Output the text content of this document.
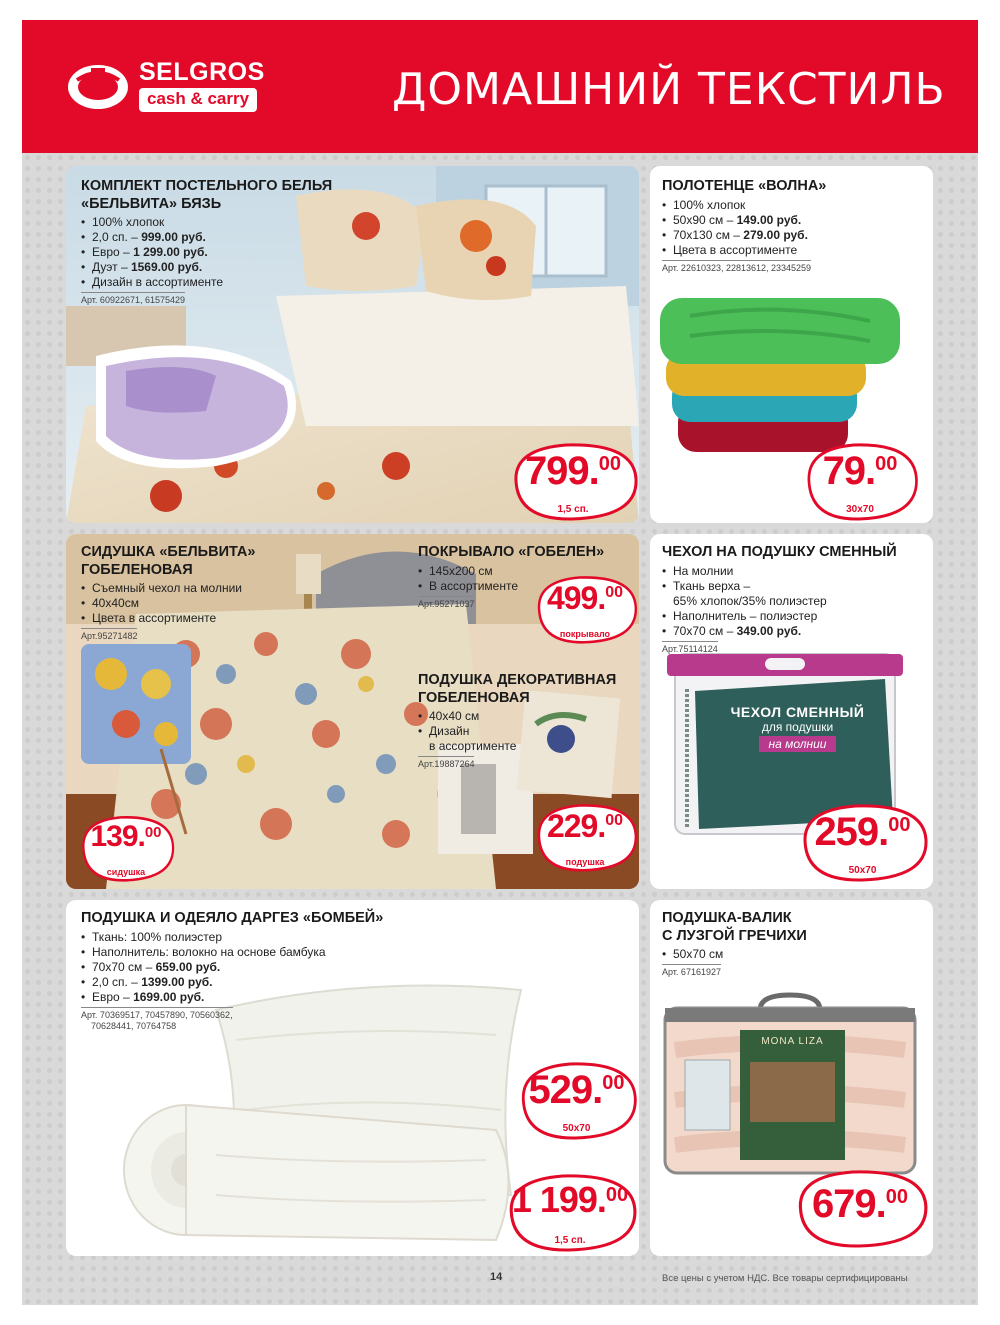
SELGROS
cash & carry	ДОМАШНИЙ ТЕКСТИЛЬ
КОМПЛЕКТ ПОСТЕЛЬНОГО БЕЛЬЯ
«БЕЛЬВИТА» БЯЗЬ
• 100% хлопок
• 2,0 сп. – 999.00 руб.
• Евро – 1 299.00 руб.
• Дуэт – 1569.00 руб.
• Дизайн в ассортименте
Арт. 60922671, 61575429
799.00
1,5 сп.
ПОЛОТЕНЦЕ «ВОЛНА»
• 100% хлопок
• 50x90 см – 149.00 руб.
• 70x130 см – 279.00 руб.
• Цвета в ассортименте
Арт. 22610323, 22813612, 23345259
79.00
30x70
СИДУШКА «БЕЛЬВИТА»
ГОБЕЛЕНОВАЯ
• Съемный чехол на молнии
• 40x40см
• Цвета в ассортименте
Арт.95271482
ПОКРЫВАЛО «ГОБЕЛЕН»
• 145x200 см
• В ассортименте
Арт.95271037
ПОДУШКА ДЕКОРАТИВНАЯ
ГОБЕЛЕНОВАЯ
• 40x40 см
• Дизайн
в ассортименте
Арт.19887264
499.00
покрывало
229.00
подушка
139.00
сидушка
ЧЕХОЛ НА ПОДУШКУ СМЕННЫЙ
• На молнии
• Ткань верха –
65% хлопок/35% полиэстер
• Наполнитель – полиэстер
• 70x70 см – 349.00 руб.
Арт.75114124
ЧЕХОЛ СМЕННЫЙ
для подушки
на молнии
259.00
50x70
ПОДУШКА И ОДЕЯЛО ДАРГЕЗ «БОМБЕЙ»
• Ткань: 100% полиэстер
• Наполнитель: волокно на основе бамбука
• 70x70 см – 659.00 руб.
• 2,0 сп. – 1399.00 руб.
• Евро – 1699.00 руб.
Арт. 70369517, 70457890, 70560362,
70628441, 70764758
529.00
50x70
1 199.00
1,5 сп.
ПОДУШКА-ВАЛИК
С ЛУЗГОЙ ГРЕЧИХИ
• 50x70 см
Арт. 67161927
MONA LIZA
679.00
14	Все цены с учетом НДС. Все товары сертифицированы
